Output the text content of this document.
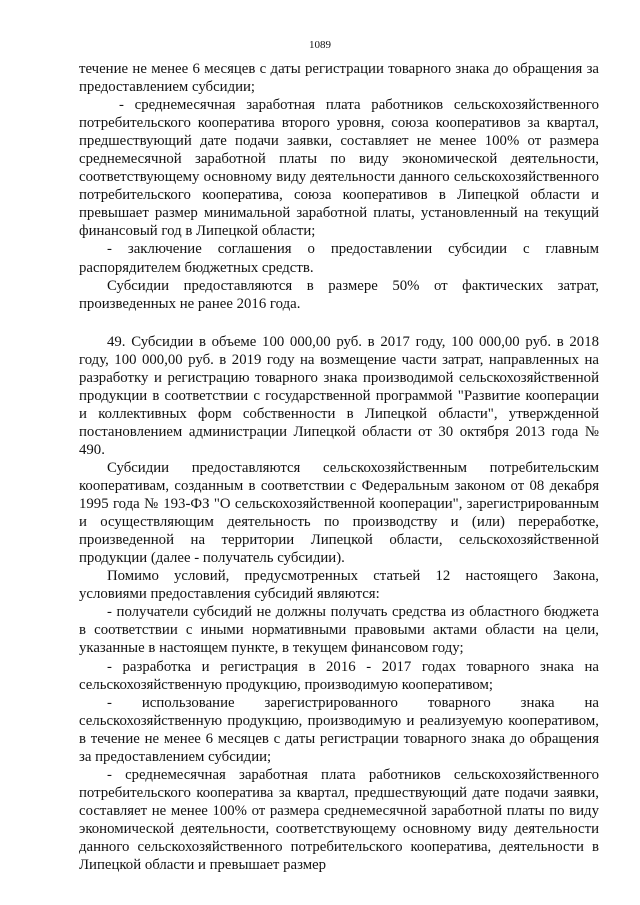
1089

течение не менее 6 месяцев с даты регистрации товарного знака до обращения за предоставлением субсидии;

- среднемесячная заработная плата работников сельскохозяйственного потребительского кооператива второго уровня, союза кооперативов за квартал, предшествующий дате подачи заявки, составляет не менее 100% от размера среднемесячной заработной платы по виду экономической деятельности, соответствующему основному виду деятельности данного сельскохозяйственного потребительского кооператива, союза кооперативов в Липецкой области и превышает размер минимальной заработной платы, установленный на текущий финансовый год в Липецкой области;

- заключение соглашения о предоставлении субсидии с главным распорядителем бюджетных средств.

Субсидии предоставляются в размере 50% от фактических затрат, произведенных не ранее 2016 года.

49. Субсидии в объеме 100 000,00 руб. в 2017 году, 100 000,00 руб. в 2018 году, 100 000,00 руб. в 2019 году на возмещение части затрат, направленных на разработку и регистрацию товарного знака производимой сельскохозяйственной продукции в соответствии с государственной программой "Развитие кооперации и коллективных форм собственности в Липецкой области", утвержденной постановлением администрации Липецкой области от 30 октября 2013 года № 490.

Субсидии предоставляются сельскохозяйственным потребительским кооперативам, созданным в соответствии с Федеральным законом от 08 декабря 1995 года № 193-ФЗ "О сельскохозяйственной кооперации", зарегистрированным и осуществляющим деятельность по производству и (или) переработке, произведенной на территории Липецкой области, сельскохозяйственной продукции (далее - получатель субсидии).

Помимо условий, предусмотренных статьей 12 настоящего Закона, условиями предоставления субсидий являются:

- получатели субсидий не должны получать средства из областного бюджета в соответствии с иными нормативными правовыми актами области на цели, указанные в настоящем пункте, в текущем финансовом году;

- разработка и регистрация в 2016 - 2017 годах товарного знака на сельскохозяйственную продукцию, производимую кооперативом;

- использование зарегистрированного товарного знака на сельскохозяйственную продукцию, производимую и реализуемую кооперативом, в течение не менее 6 месяцев с даты регистрации товарного знака до обращения за предоставлением субсидии;

- среднемесячная заработная плата работников сельскохозяйственного потребительского кооператива за квартал, предшествующий дате подачи заявки, составляет не менее 100% от размера среднемесячной заработной платы по виду экономической деятельности, соответствующему основному виду деятельности данного сельскохозяйственного потребительского кооператива, деятельности в Липецкой области и превышает размер
